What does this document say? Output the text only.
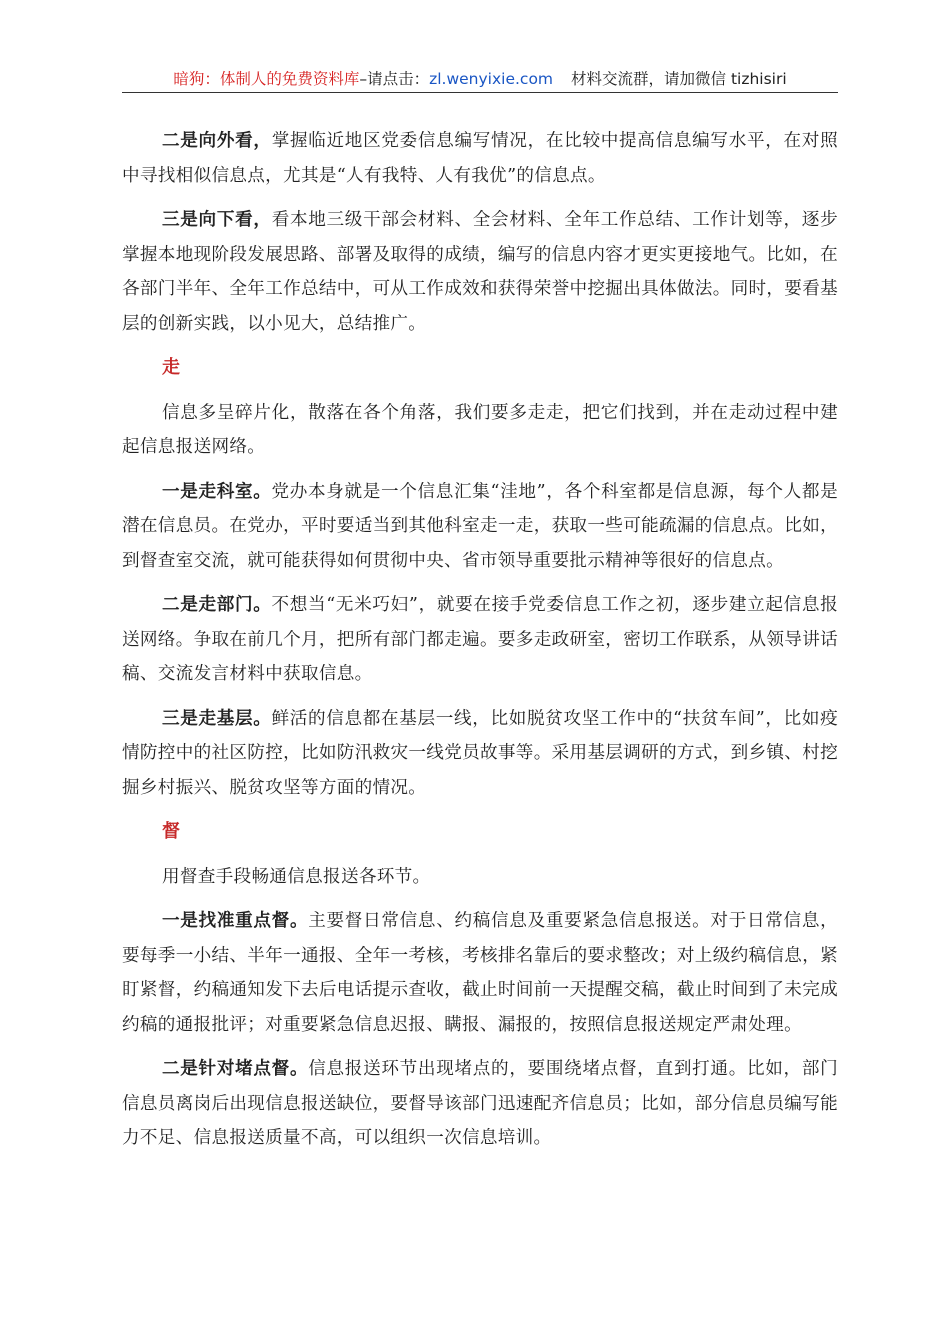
暗狗：体制人的免费资料库–请点击：zl.wenyixie.com 材料交流群，请加微信 tizhisiri

二是向外看，掌握临近地区党委信息编写情况，在比较中提高信息编写水平，在对照中寻找相似信息点，尤其是“人有我特、人有我优”的信息点。

三是向下看，看本地三级干部会材料、全会材料、全年工作总结、工作计划等，逐步掌握本地现阶段发展思路、部署及取得的成绩，编写的信息内容才更实更接地气。比如，在各部门半年、全年工作总结中，可从工作成效和获得荣誉中挖掘出具体做法。同时，要看基层的创新实践，以小见大，总结推广。

走

信息多呈碎片化，散落在各个角落，我们要多走走，把它们找到，并在走动过程中建起信息报送网络。

一是走科室。党办本身就是一个信息汇集“洼地”，各个科室都是信息源，每个人都是潜在信息员。在党办，平时要适当到其他科室走一走，获取一些可能疏漏的信息点。比如，到督查室交流，就可能获得如何贯彻中央、省市领导重要批示精神等很好的信息点。

二是走部门。不想当“无米巧妇”，就要在接手党委信息工作之初，逐步建立起信息报送网络。争取在前几个月，把所有部门都走遍。要多走政研室，密切工作联系，从领导讲话稿、交流发言材料中获取信息。

三是走基层。鲜活的信息都在基层一线，比如脱贫攻坚工作中的“扶贫车间”，比如疫情防控中的社区防控，比如防汛救灾一线党员故事等。采用基层调研的方式，到乡镇、村挖掘乡村振兴、脱贫攻坚等方面的情况。

督

用督查手段畅通信息报送各环节。

一是找准重点督。主要督日常信息、约稿信息及重要紧急信息报送。对于日常信息，要每季一小结、半年一通报、全年一考核，考核排名靠后的要求整改；对上级约稿信息，紧盯紧督，约稿通知发下去后电话提示查收，截止时间前一天提醒交稿，截止时间到了未完成约稿的通报批评；对重要紧急信息迟报、瞒报、漏报的，按照信息报送规定严肃处理。

二是针对堵点督。信息报送环节出现堵点的，要围绕堵点督，直到打通。比如，部门信息员离岗后出现信息报送缺位，要督导该部门迅速配齐信息员；比如，部分信息员编写能力不足、信息报送质量不高，可以组织一次信息培训。
